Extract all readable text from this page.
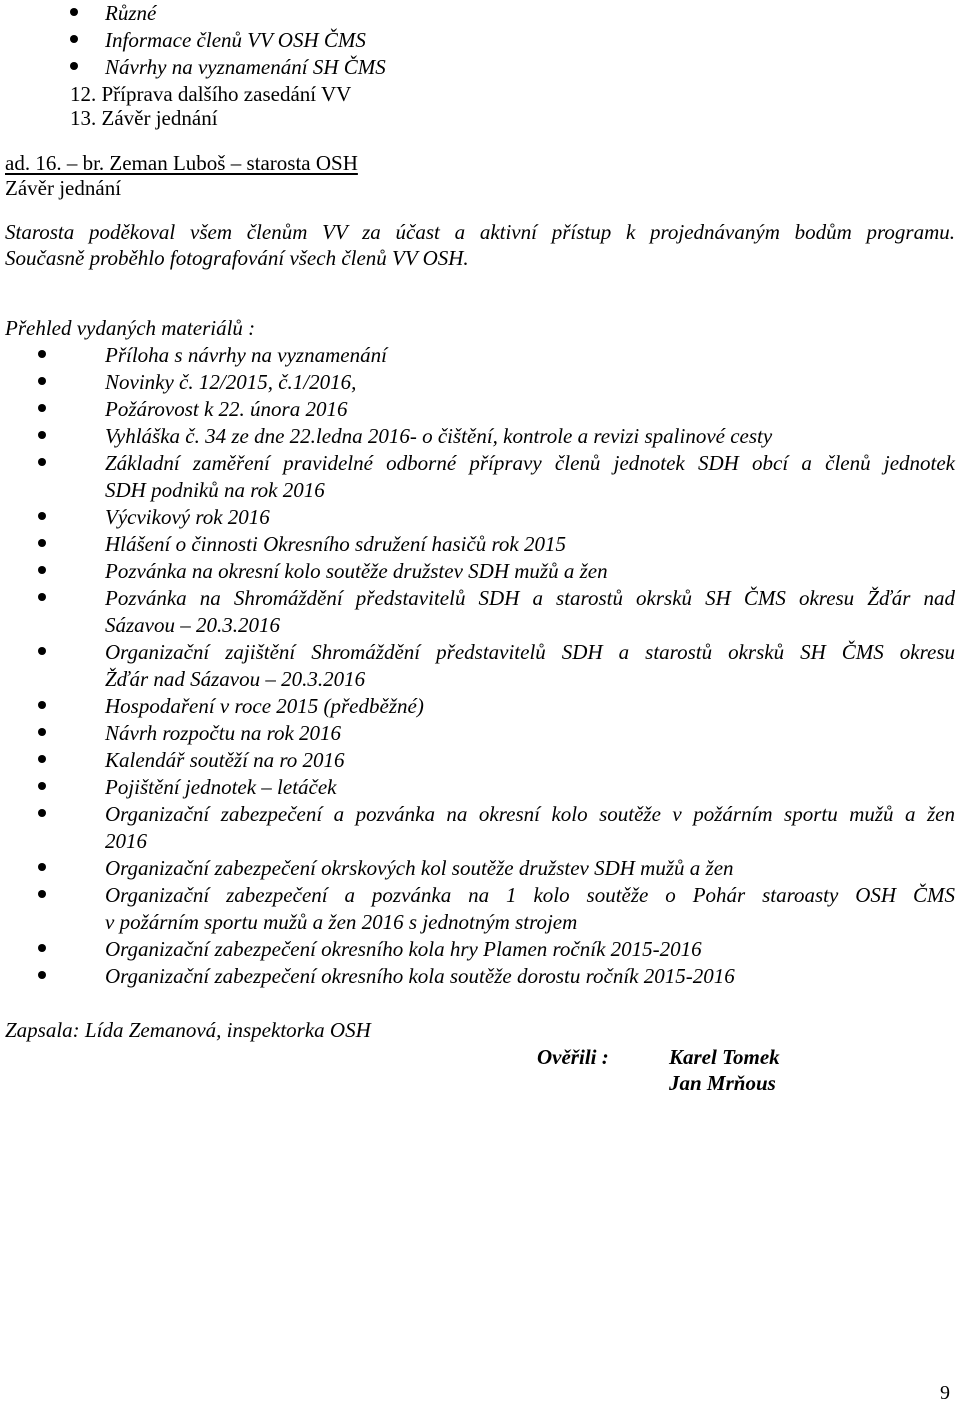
Různé
Informace členů VV OSH ČMS
Návrhy na vyznamenání SH ČMS
12. Příprava dalšího zasedání VV
13. Závěr jednání
ad. 16. – br. Zeman Luboš – starosta OSH
Závěr jednání
Starosta poděkoval všem členům VV za účast a aktivní přístup k projednávaným bodům programu.
Současně proběhlo fotografování všech členů VV OSH.
Přehled vydaných materiálů :
Příloha s návrhy na vyznamenání
Novinky č. 12/2015, č.1/2016,
Požárovost k 22. února 2016
Vyhláška č. 34 ze dne 22.ledna 2016- o čištění, kontrole a revizi spalinové cesty
Základní zaměření pravidelné odborné přípravy členů jednotek SDH obcí a členů jednotek
SDH podniků na rok 2016
Výcvikový rok 2016
Hlášení o činnosti Okresního sdružení hasičů rok 2015
Pozvánka na okresní kolo soutěže družstev SDH mužů a žen
Pozvánka na Shromáždění představitelů SDH a starostů okrsků SH ČMS okresu Žďár nad
Sázavou – 20.3.2016
Organizační zajištění Shromáždění představitelů SDH a starostů okrsků SH ČMS okresu
Žďár nad Sázavou – 20.3.2016
Hospodaření v roce 2015 (předběžné)
Návrh rozpočtu na rok 2016
Kalendář soutěží na ro 2016
Pojištění jednotek – letáček
Organizační zabezpečení a pozvánka na okresní kolo soutěže v požárním sportu mužů a žen
2016
Organizační zabezpečení okrskových kol soutěže družstev SDH mužů a žen
Organizační zabezpečení a pozvánka na 1 kolo soutěže o Pohár staroasty OSH ČMS
v požárním sportu mužů a žen 2016 s jednotným strojem
Organizační zabezpečení okresního kola hry Plamen ročník 2015-2016
Organizační zabezpečení okresního kola soutěže dorostu ročník 2015-2016
Zapsala: Lída Zemanová, inspektorka OSH
Ověřili :	Karel Tomek
Jan Mrňous
9
